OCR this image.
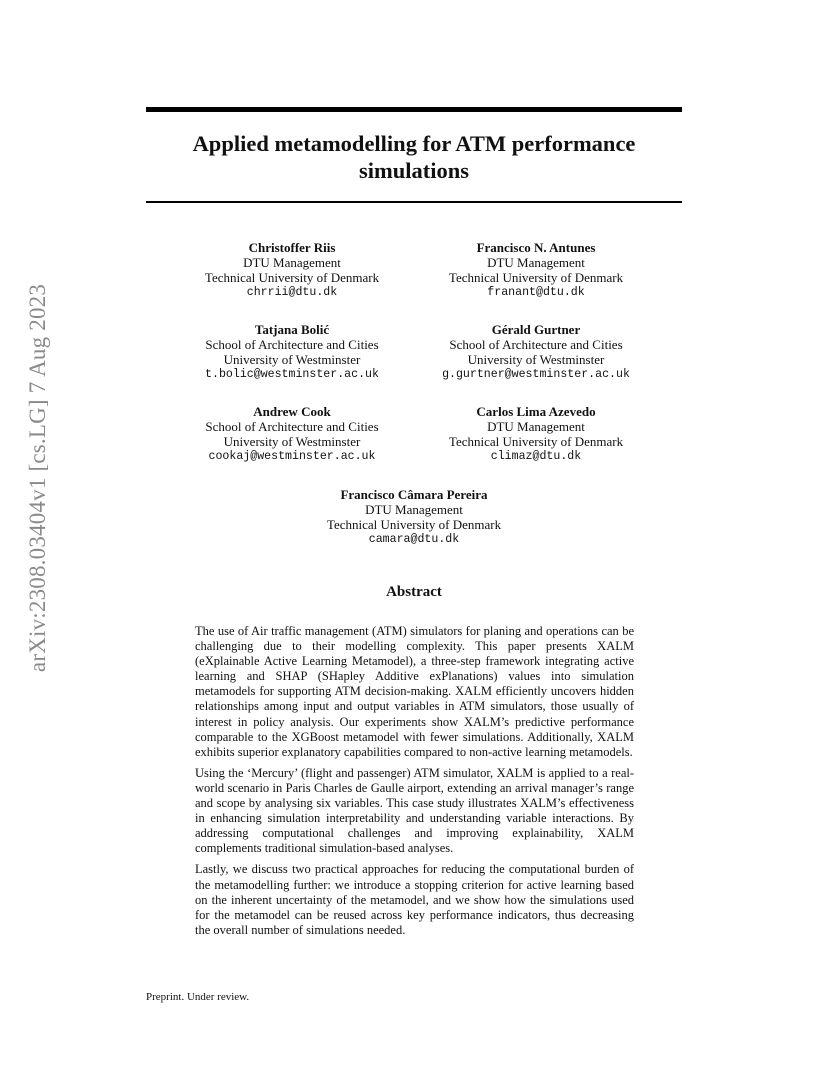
Applied metamodelling for ATM performance simulations
arXiv:2308.03404v1 [cs.LG] 7 Aug 2023
Christoffer Riis
DTU Management
Technical University of Denmark
chrrii@dtu.dk
Francisco N. Antunes
DTU Management
Technical University of Denmark
franant@dtu.dk
Tatjana Bolić
School of Architecture and Cities
University of Westminster
t.bolic@westminster.ac.uk
Gérald Gurtner
School of Architecture and Cities
University of Westminster
g.gurtner@westminster.ac.uk
Andrew Cook
School of Architecture and Cities
University of Westminster
cookaj@westminster.ac.uk
Carlos Lima Azevedo
DTU Management
Technical University of Denmark
climaz@dtu.dk
Francisco Câmara Pereira
DTU Management
Technical University of Denmark
camara@dtu.dk
Abstract

The use of Air traffic management (ATM) simulators for planing and operations can be challenging due to their modelling complexity. This paper presents XALM (eXplainable Active Learning Metamodel), a three-step framework integrating active learning and SHAP (SHapley Additive exPlanations) values into simulation metamodels for supporting ATM decision-making. XALM efficiently uncovers hidden relationships among input and output variables in ATM simulators, those usually of interest in policy analysis. Our experiments show XALM’s predictive performance comparable to the XGBoost metamodel with fewer simulations. Additionally, XALM exhibits superior explanatory capabilities compared to non-active learning metamodels.

Using the ‘Mercury’ (flight and passenger) ATM simulator, XALM is applied to a real-world scenario in Paris Charles de Gaulle airport, extending an arrival manager’s range and scope by analysing six variables. This case study illustrates XALM’s effectiveness in enhancing simulation interpretability and understanding variable interactions. By addressing computational challenges and improving explainability, XALM complements traditional simulation-based analyses.

Lastly, we discuss two practical approaches for reducing the computational burden of the metamodelling further: we introduce a stopping criterion for active learning based on the inherent uncertainty of the metamodel, and we show how the simulations used for the metamodel can be reused across key performance indicators, thus decreasing the overall number of simulations needed.

Preprint. Under review.
